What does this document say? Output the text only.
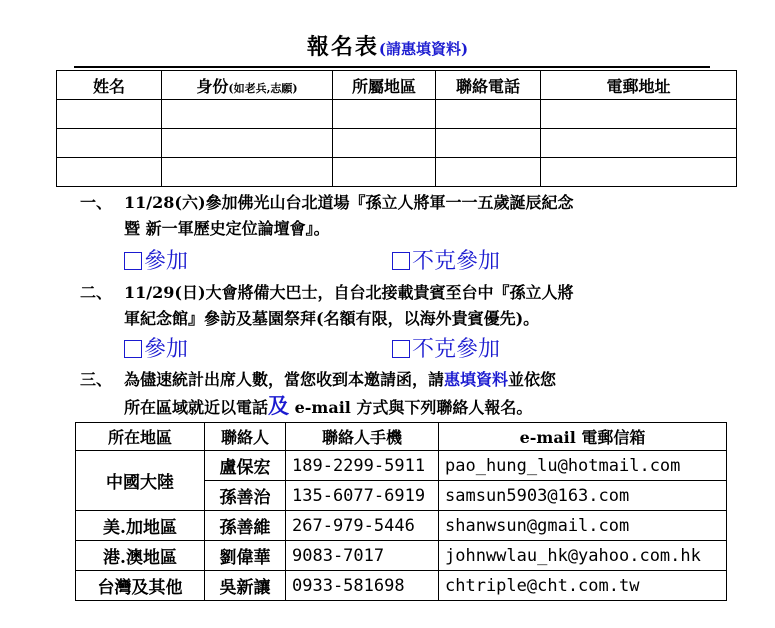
報名表(請惠填資料)
姓名	身份(如老兵,志願)	所屬地區	聯絡電話	電郵地址

一、 11/28(六)參加佛光山台北道場『孫立人將軍一一五歲誕辰紀念
暨 新一軍歷史定位論壇會』。
參加	不克參加
二、 11/29(日)大會將備大巴士，自台北接載貴賓至台中『孫立人將
軍紀念館』參訪及墓園祭拜(名額有限，以海外貴賓優先)。
參加	不克參加
三、 為儘速統計出席人數，當您收到本邀請函，請惠填資料並依您
所在區域就近以電話及 e-mail 方式與下列聯絡人報名。
所在地區	聯絡人	聯絡人手機	e-mail 電郵信箱
中國大陸	盧保宏	189-2299-5911	pao_hung_lu@hotmail.com
	孫善治	135-6077-6919	samsun5903@163.com
美.加地區	孫善維	267-979-5446	shanwsun@gmail.com
港.澳地區	劉偉華	9083-7017	johnwwlau_hk@yahoo.com.hk
台灣及其他	吳新讓	0933-581698	chtriple@cht.com.tw
